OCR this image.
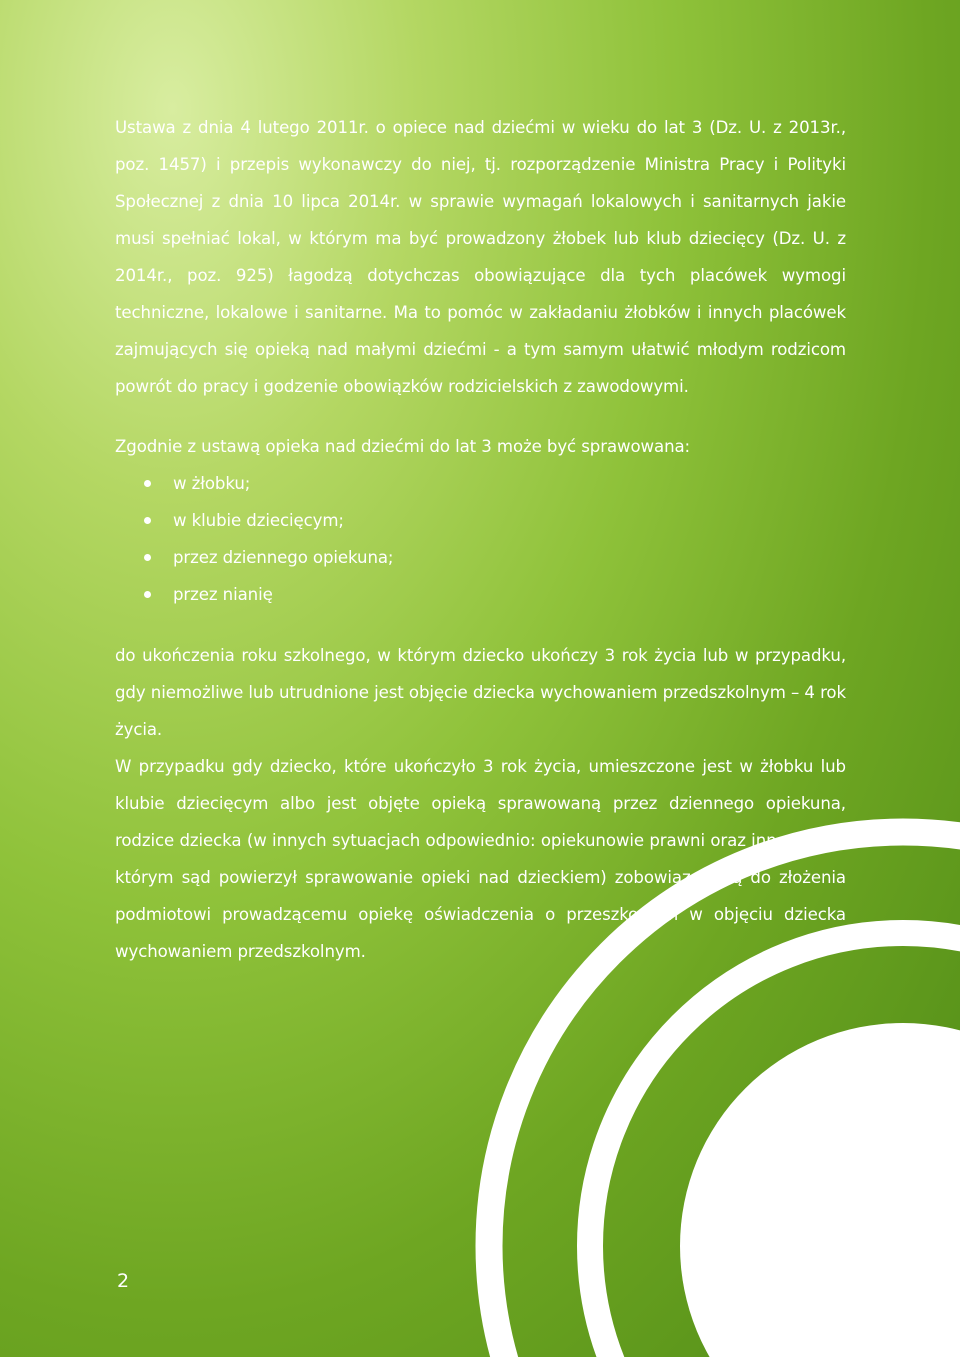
Ustawa z dnia 4 lutego 2011r. o opiece nad dziećmi w wieku do lat 3 (Dz. U. z 2013r., poz. 1457) i przepis wykonawczy do niej, tj. rozporządzenie Ministra Pracy i Polityki Społecznej z dnia 10 lipca 2014r. w sprawie wymagań lokalowych i sanitarnych jakie musi spełniać lokal, w którym ma być prowadzony żłobek lub klub dziecięcy (Dz. U. z 2014r., poz. 925) łagodzą dotychczas obowiązujące dla tych placówek wymogi techniczne, lokalowe i sanitarne. Ma to pomóc w zakładaniu żłobków i innych placówek zajmujących się opieką nad małymi dziećmi - a tym samym ułatwić młodym rodzicom powrót do pracy i godzenie obowiązków rodzicielskich z zawodowymi.

Zgodnie z ustawą opieka nad dziećmi do lat 3 może być sprawowana:

w żłobku;
w klubie dziecięcym;
przez dziennego opiekuna;
przez nianię

do ukończenia roku szkolnego, w którym dziecko ukończy 3 rok życia lub w przypadku, gdy niemożliwe lub utrudnione jest objęcie dziecka wychowaniem przedszkolnym – 4 rok życia.

W przypadku gdy dziecko, które ukończyło 3 rok życia, umieszczone jest w żłobku lub klubie dziecięcym albo jest objęte opieką sprawowaną przez dziennego opiekuna, rodzice dziecka (w innych sytuacjach odpowiednio: opiekunowie prawni oraz inne osoby, którym sąd powierzył sprawowanie opieki nad dzieckiem) zobowiązani są do złożenia podmiotowi prowadzącemu opiekę oświadczenia o przeszkodach w objęciu dziecka wychowaniem przedszkolnym.

2
